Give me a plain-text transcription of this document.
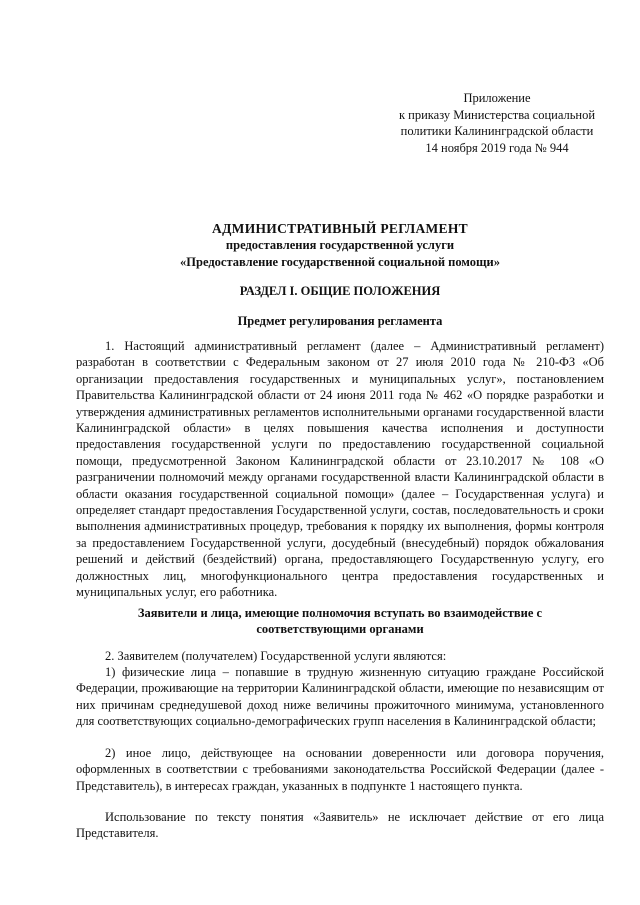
Приложение
к приказу Министерства социальной
политики Калининградской области
14 ноября 2019 года № 944
АДМИНИСТРАТИВНЫЙ РЕГЛАМЕНТ
предоставления государственной услуги
«Предоставление государственной социальной помощи»
РАЗДЕЛ I. ОБЩИЕ ПОЛОЖЕНИЯ
Предмет регулирования регламента

1. Настоящий административный регламент (далее – Административный регламент) разработан в соответствии с Федеральным законом от 27 июля 2010 года № 210-ФЗ «Об организации предоставления государственных и муниципальных услуг», постановлением Правительства Калининградской области от 24 июня 2011 года № 462 «О порядке разработки и утверждения административных регламентов исполнительными органами государственной власти Калининградской области» в целях повышения качества исполнения и доступности предоставления государственной услуги по предоставлению государственной социальной помощи, предусмотренной Законом Калининградской области от 23.10.2017 № 108 «О разграничении полномочий между органами государственной власти Калининградской области в области оказания государственной социальной помощи» (далее – Государственная услуга) и определяет стандарт предоставления Государственной услуги, состав, последовательность и сроки выполнения административных процедур, требования к порядку их выполнения, формы контроля за предоставлением Государственной услуги, досудебный (внесудебный) порядок обжалования решений и действий (бездействий) органа, предоставляющего Государственную услугу, его должностных лиц, многофункционального центра предоставления государственных и муниципальных услуг, его работника.

Заявители и лица, имеющие полномочия вступать во взаимодействие с
соответствующими органами

2. Заявителем (получателем) Государственной услуги являются:

1) физические лица – попавшие в трудную жизненную ситуацию граждане Российской Федерации, проживающие на территории Калининградской области, имеющие по независящим от них причинам среднедушевой доход ниже величины прожиточного минимума, установленного для соответствующих социально-демографических групп населения в Калининградской области;

2) иное лицо, действующее на основании доверенности или договора поручения, оформленных в соответствии с требованиями законодательства Российской Федерации (далее - Представитель), в интересах граждан, указанных в подпункте 1 настоящего пункта.

Использование по тексту понятия «Заявитель» не исключает действие от его лица Представителя.
